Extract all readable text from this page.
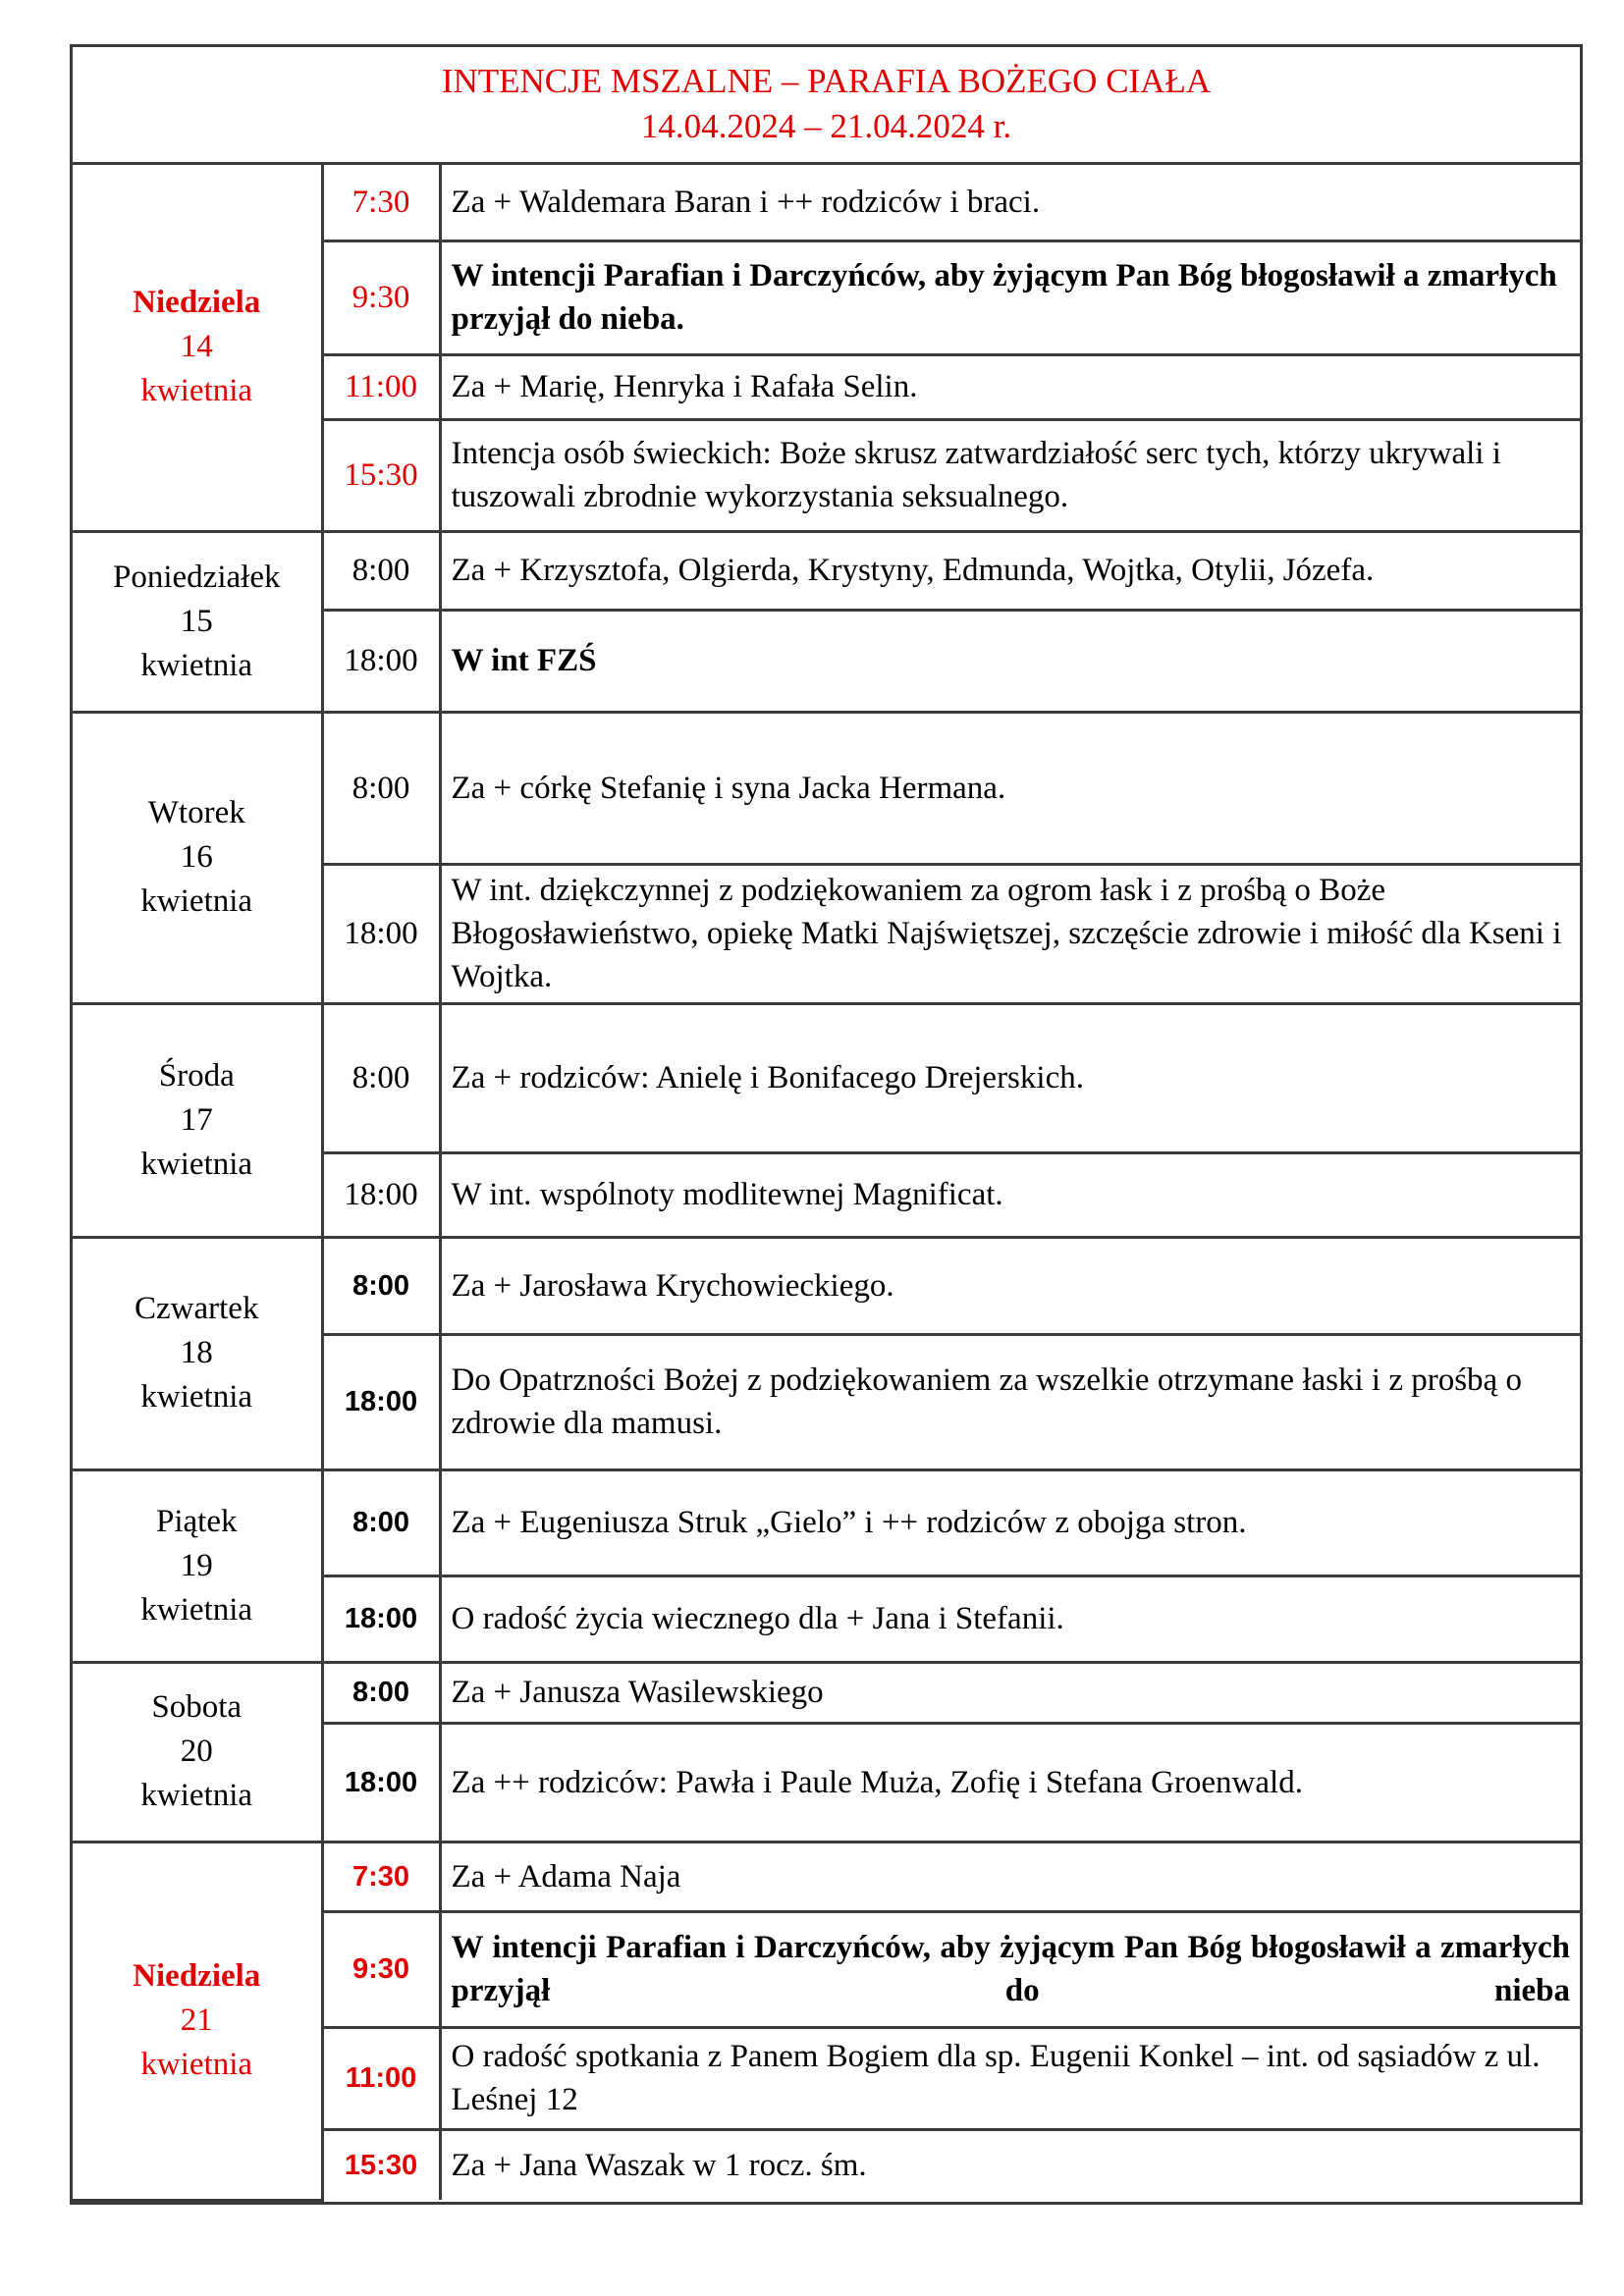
INTENCJE MSZALNE – PARAFIA BOŻEGO CIAŁA
14.04.2024 – 21.04.2024 r.
Niedziela
14
kwietnia	7:30	Za + Waldemara Baran i ++ rodziców i braci.
	9:30	W intencji Parafian i Darczyńców, aby żyjącym Pan Bóg błogosławił a zmarłych przyjął do nieba.
	11:00	Za + Marię, Henryka i Rafała Selin.
	15:30	Intencja osób świeckich: Boże skrusz zatwardziałość serc tych, którzy ukrywali i tuszowali zbrodnie wykorzystania seksualnego.

Poniedziałek
15
kwietnia	8:00	Za + Krzysztofa, Olgierda, Krystyny, Edmunda, Wojtka, Otylii, Józefa.
	18:00	W int FZŚ

Wtorek
16
kwietnia	8:00	Za + córkę Stefanię i syna Jacka Hermana.
	18:00	W int. dziękczynnej z podziękowaniem za ogrom łask i z prośbą o Boże Błogosławieństwo, opiekę Matki Najświętszej, szczęście zdrowie i miłość dla Kseni i Wojtka.

Środa
17
kwietnia	8:00	Za + rodziców: Anielę i Bonifacego Drejerskich.
	18:00	W int. wspólnoty modlitewnej Magnificat.

Czwartek
18
kwietnia	8:00	Za + Jarosława Krychowieckiego.
	18:00	Do Opatrzności Bożej z podziękowaniem za wszelkie otrzymane łaski i z prośbą o zdrowie dla mamusi.

Piątek
19
kwietnia	8:00	Za + Eugeniusza Struk „Gielo” i ++ rodziców z obojga stron.
	18:00	O radość życia wiecznego dla + Jana i Stefanii.

Sobota
20
kwietnia	8:00	Za + Janusza Wasilewskiego
	18:00	Za ++ rodziców: Pawła i Paule Muża, Zofię i Stefana Groenwald.

Niedziela
21
kwietnia	7:30	Za + Adama Naja
	9:30	W intencji Parafian i Darczyńców, aby żyjącym Pan Bóg błogosławił a zmarłych przyjął do nieba
	11:00	O radość spotkania z Panem Bogiem dla sp. Eugenii Konkel – int. od sąsiadów z ul. Leśnej 12
	15:30	Za + Jana Waszak w 1 rocz. śm.
